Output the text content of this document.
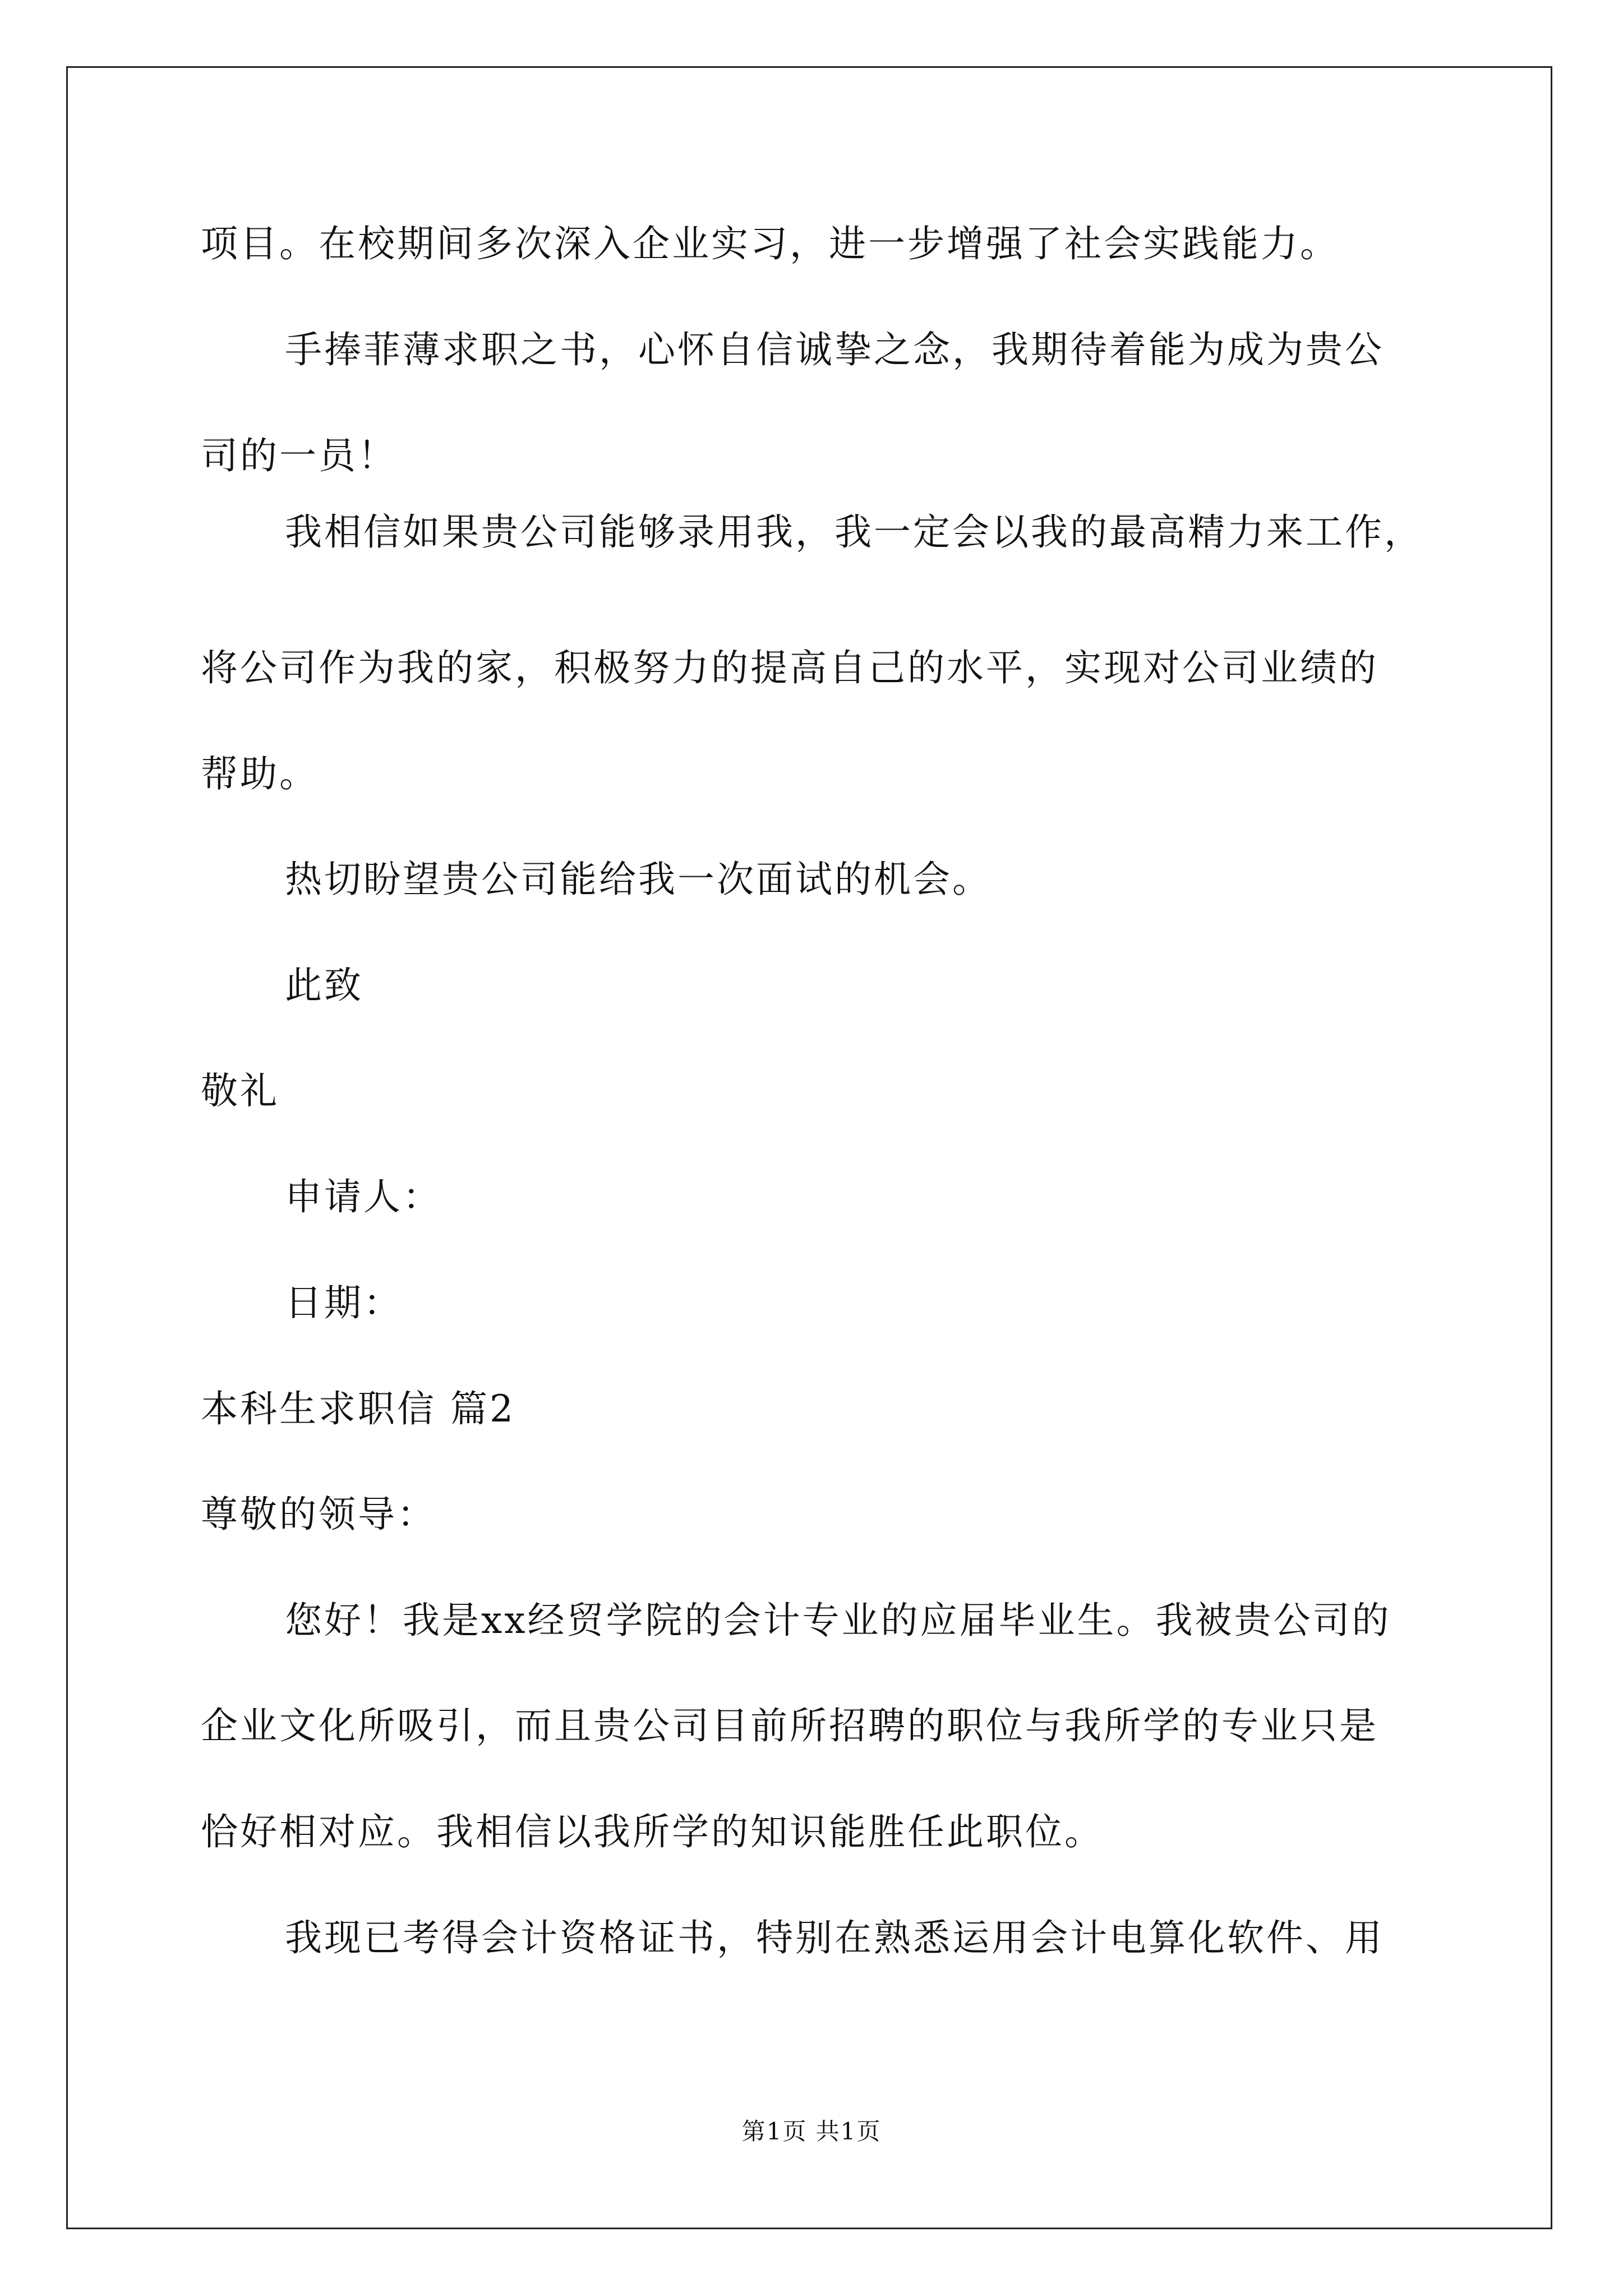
项目。在校期间多次深入企业实习，进一步增强了社会实践能力。
手捧菲薄求职之书，心怀自信诚挚之念，我期待着能为成为贵公
司的一员！
我相信如果贵公司能够录用我，我一定会以我的最高精力来工作，
将公司作为我的家，积极努力的提高自己的水平，实现对公司业绩的
帮助。
热切盼望贵公司能给我一次面试的机会。
此致
敬礼
申请人：
日期：
本科生求职信 篇2
尊敬的领导：
您好！我是xx经贸学院的会计专业的应届毕业生。我被贵公司的
企业文化所吸引，而且贵公司目前所招聘的职位与我所学的专业只是
恰好相对应。我相信以我所学的知识能胜任此职位。
我现已考得会计资格证书，特别在熟悉运用会计电算化软件、用
第1页 共1页
